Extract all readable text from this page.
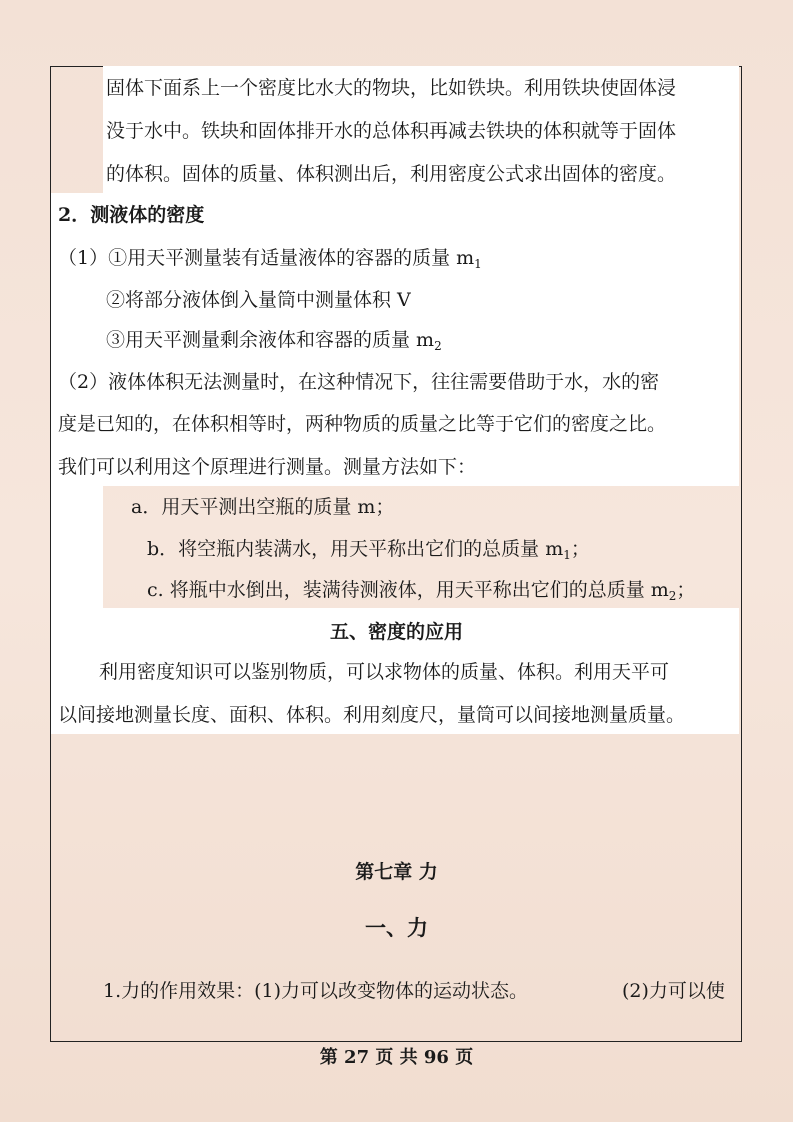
固体下面系上一个密度比水大的物块，比如铁块。利用铁块使固体浸
没于水中。铁块和固体排开水的总体积再减去铁块的体积就等于固体
的体积。固体的质量、体积测出后，利用密度公式求出固体的密度。
2．测液体的密度
（1）①用天平测量装有适量液体的容器的质量 $m_1$
②将部分液体倒入量筒中测量体积 V
③用天平测量剩余液体和容器的质量 $m_2$
（2）液体体积无法测量时，在这种情况下，往往需要借助于水，水的密
度是已知的，在体积相等时，两种物质的质量之比等于它们的密度之比。
我们可以利用这个原理进行测量。测量方法如下：
a．用天平测出空瓶的质量 m；
b．将空瓶内装满水，用天平称出它们的总质量 $m_1$；
c. 将瓶中水倒出，装满待测液体，用天平称出它们的总质量 $m_2$；
五、密度的应用
利用密度知识可以鉴别物质，可以求物体的质量、体积。利用天平可
以间接地测量长度、面积、体积。利用刻度尺，量筒可以间接地测量质量。
第七章 力
一、力
1.力的作用效果：(1)力可以改变物体的运动状态。	(2)力可以使
第 27 页 共 96 页
